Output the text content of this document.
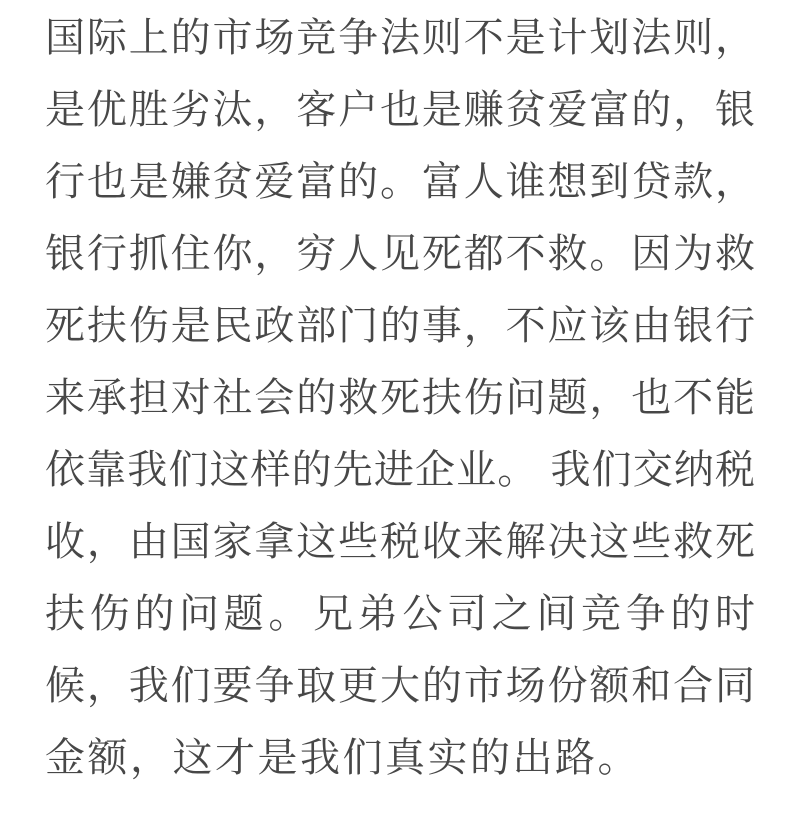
国际上的市场竞争法则不是计划法则，
是优胜劣汰，客户也是赚贫爱富的，银
行也是嫌贫爱富的。富人谁想到贷款，
银行抓住你，穷人见死都不救。因为救
死扶伤是民政部门的事，不应该由银行
来承担对社会的救死扶伤问题，也不能
依靠我们这样的先进企业。 我们交纳税
收，由国家拿这些税收来解决这些救死
扶伤的问题。兄弟公司之间竞争的时
候，我们要争取更大的市场份额和合同
金额，这才是我们真实的出路。
